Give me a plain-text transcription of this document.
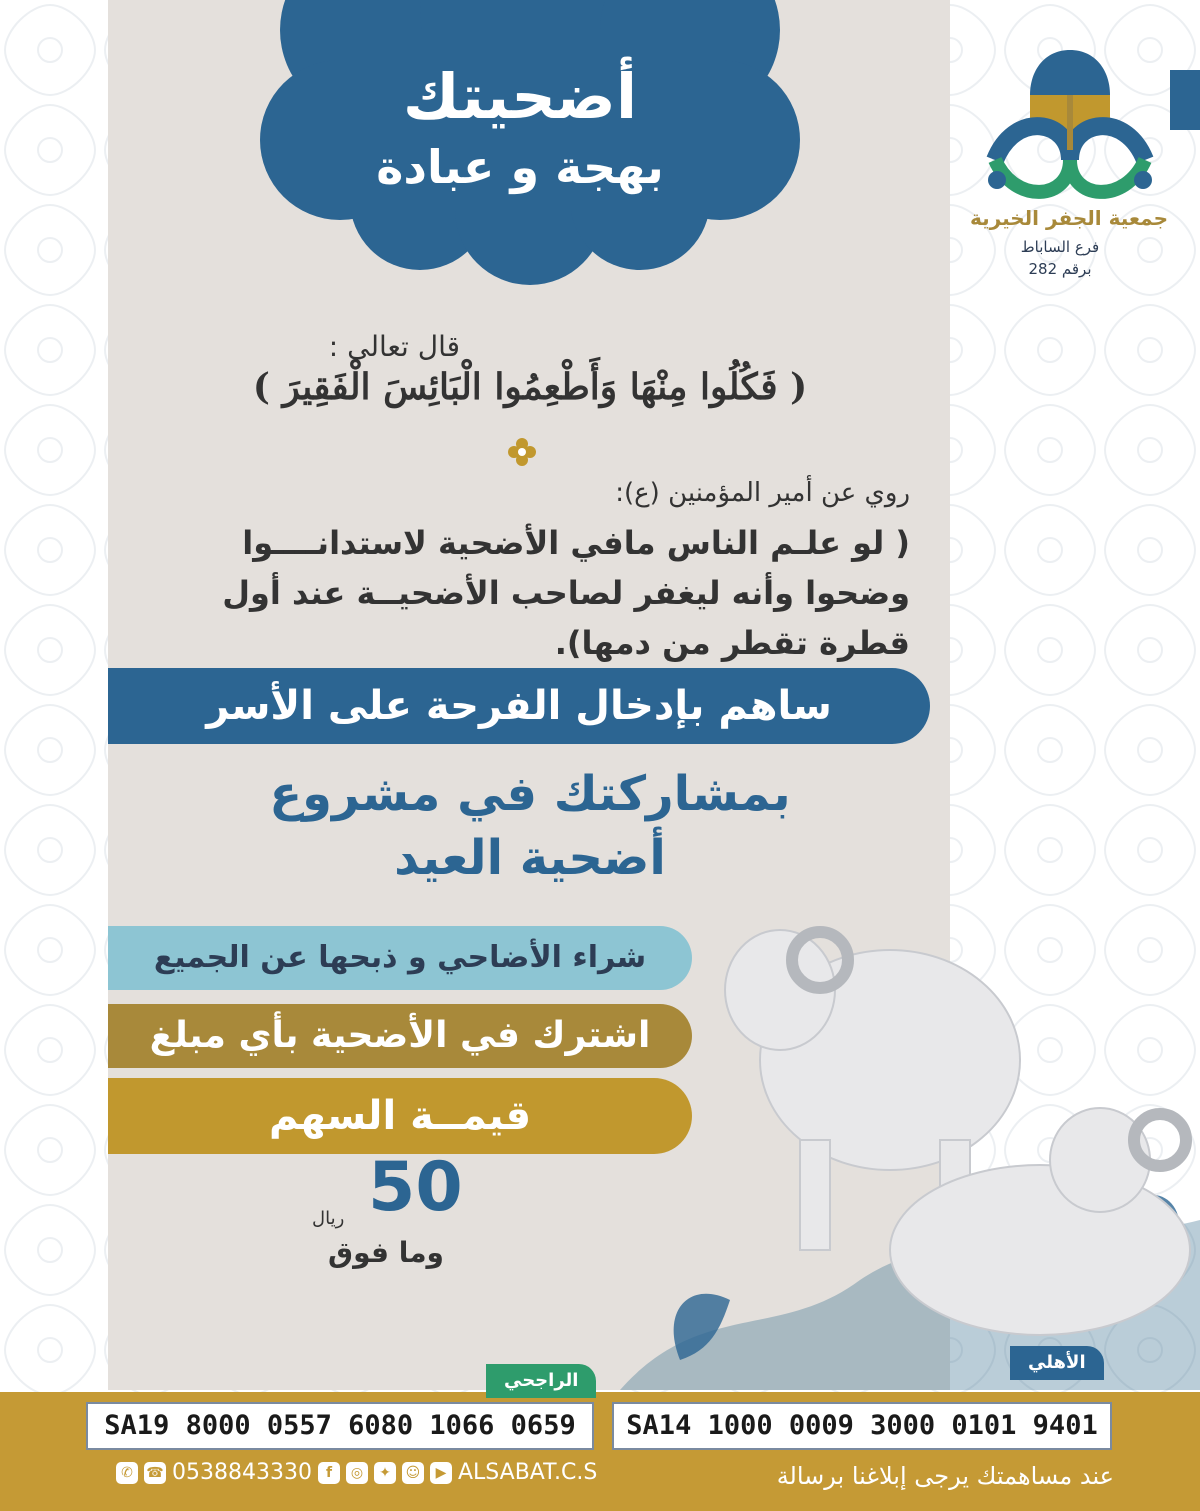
أضحيتك
بهجة و عبادة
جمعية الجفر الخيرية
فرع الساباط
برقم 282
قال تعالى :
( فَكُلُوا مِنْهَا وَأَطْعِمُوا الْبَائِسَ الْفَقِيرَ )
روي عن أمير المؤمنين (ع):
( لو علـم الناس مافي الأضحية لاستدانــــوا
وضحوا وأنه ليغفر لصاحب الأضحيــة عند أول
قطرة تقطر من دمها).
ساهم بإدخال الفرحة على الأسر
بمشاركتك في مشروع
أضحية العيد
شراء الأضاحي و ذبحها عن الجميع
اشترك في الأضحية بأي مبلغ
قيمــة السهم
50
ريال
وما فوق
الراجحي
الأهلي
SA19 8000 0557 6080 1066 0659	SA14 1000 0009 3000 0101 9401
✆ ☎ 0538843330 f	◎	✦	☺	▶ ALSABAT.C.S	عند مساهمتك يرجى إبلاغنا برسالة
